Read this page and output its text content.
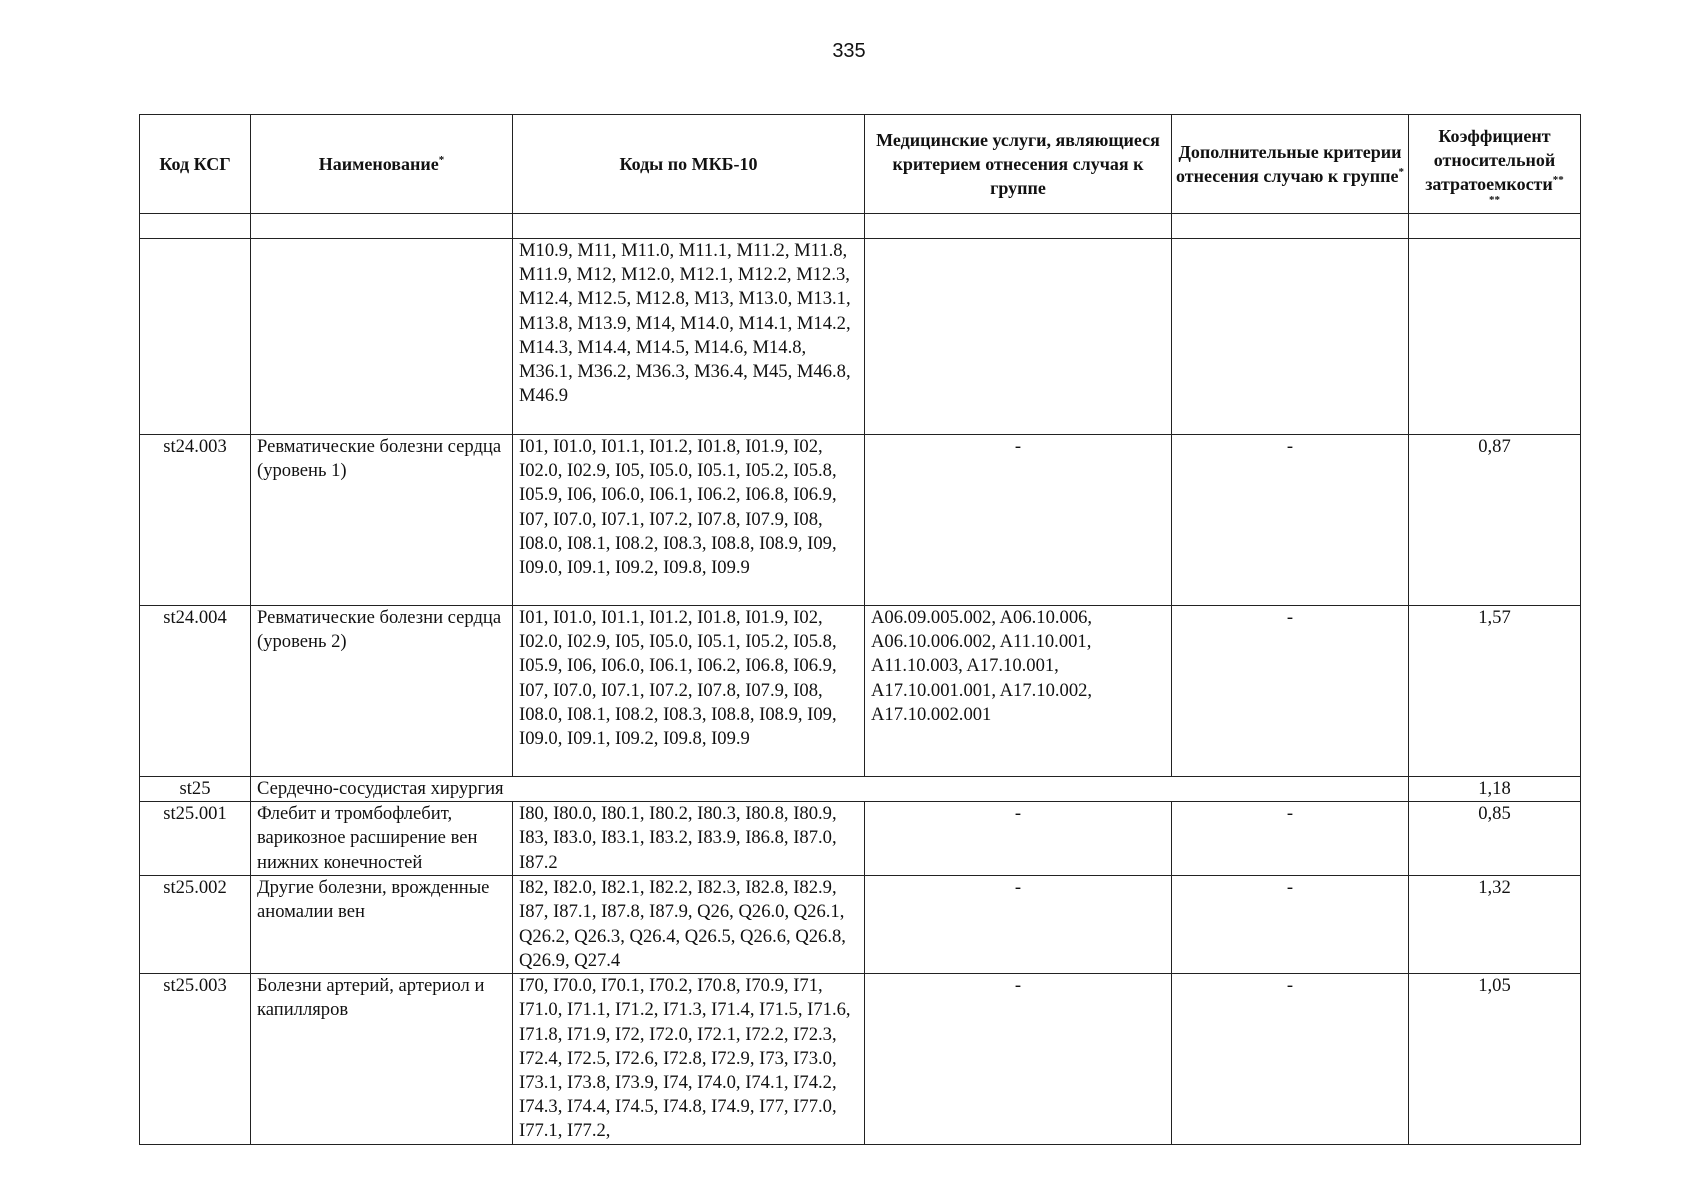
335
Код КСГ	Наименование*	Коды по МКБ-10	Медицинские услуги, являющиеся критерием отнесения случая к группе	Дополнительные критерии отнесения случаю к группе*	Коэффициент относительной затратоемкости**
**

		M10.9, M11, M11.0, M11.1, M11.2, M11.8, M11.9, M12, M12.0, M12.1, M12.2, M12.3, M12.4, M12.5, M12.8, M13, M13.0, M13.1, M13.8, M13.9, M14, M14.0, M14.1, M14.2, M14.3, M14.4, M14.5, M14.6, M14.8, M36.1, M36.2, M36.3, M36.4, M45, M46.8, M46.9			
st24.003	Ревматические болезни сердца (уровень 1)	I01, I01.0, I01.1, I01.2, I01.8, I01.9, I02, I02.0, I02.9, I05, I05.0, I05.1, I05.2, I05.8, I05.9, I06, I06.0, I06.1, I06.2, I06.8, I06.9, I07, I07.0, I07.1, I07.2, I07.8, I07.9, I08, I08.0, I08.1, I08.2, I08.3, I08.8, I08.9, I09, I09.0, I09.1, I09.2, I09.8, I09.9	-	-	0,87
st24.004	Ревматические болезни сердца (уровень 2)	I01, I01.0, I01.1, I01.2, I01.8, I01.9, I02, I02.0, I02.9, I05, I05.0, I05.1, I05.2, I05.8, I05.9, I06, I06.0, I06.1, I06.2, I06.8, I06.9, I07, I07.0, I07.1, I07.2, I07.8, I07.9, I08, I08.0, I08.1, I08.2, I08.3, I08.8, I08.9, I09, I09.0, I09.1, I09.2, I09.8, I09.9	A06.09.005.002, A06.10.006, A06.10.006.002, A11.10.001, A11.10.003, A17.10.001, A17.10.001.001, A17.10.002, A17.10.002.001	-	1,57
st25	Сердечно-сосудистая хирургия				1,18
st25.001	Флебит и тромбофлебит, варикозное расширение вен нижних конечностей	I80, I80.0, I80.1, I80.2, I80.3, I80.8, I80.9, I83, I83.0, I83.1, I83.2, I83.9, I86.8, I87.0, I87.2	-	-	0,85
st25.002	Другие болезни, врожденные аномалии вен	I82, I82.0, I82.1, I82.2, I82.3, I82.8, I82.9, I87, I87.1, I87.8, I87.9, Q26, Q26.0, Q26.1, Q26.2, Q26.3, Q26.4, Q26.5, Q26.6, Q26.8, Q26.9, Q27.4	-	-	1,32
st25.003	Болезни артерий, артериол и капилляров	I70, I70.0, I70.1, I70.2, I70.8, I70.9, I71, I71.0, I71.1, I71.2, I71.3, I71.4, I71.5, I71.6, I71.8, I71.9, I72, I72.0, I72.1, I72.2, I72.3, I72.4, I72.5, I72.6, I72.8, I72.9, I73, I73.0, I73.1, I73.8, I73.9, I74, I74.0, I74.1, I74.2, I74.3, I74.4, I74.5, I74.8, I74.9, I77, I77.0, I77.1, I77.2,	-	-	1,05
